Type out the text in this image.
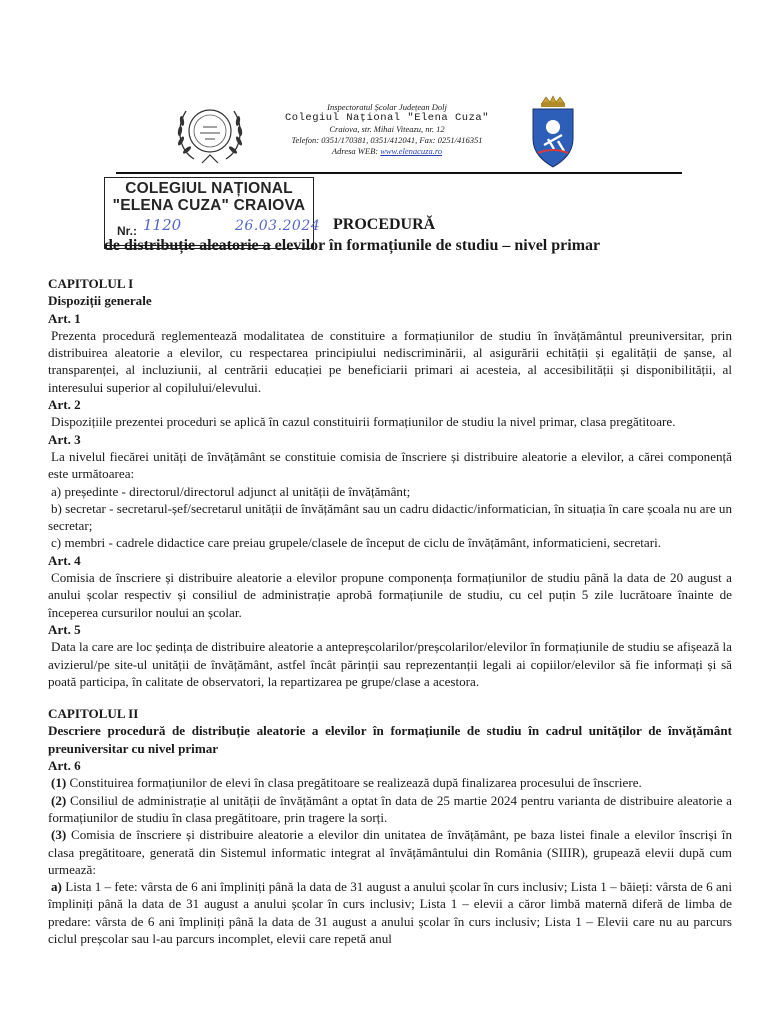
Inspectoratul Școlar Județean Dolj
Colegiul Național "Elena Cuza"
Craiova, str. Mihai Viteazu, nr. 12
Telefon: 0351/170381, 0351/412041, Fax: 0251/416351
Adresa WEB: www.elenacuza.ro
COLEGIUL NAȚIONAL
"ELENA CUZA" CRAIOVA
Nr.: 1120	26.03.2024 PROCEDURĂ
de distribuție aleatorie a elevilor în formațiunile de studiu – nivel primar

CAPITOLUL I

Dispoziții generale

Art. 1

Prezenta procedură reglementează modalitatea de constituire a formațiunilor de studiu în învățământul preuniversitar, prin distribuirea aleatorie a elevilor, cu respectarea principiului nediscriminării, al asigurării echității și egalității de șanse, al transparenței, al incluziunii, al centrării educației pe beneficiarii primari ai acesteia, al accesibilității și disponibilității, al interesului superior al copilului/elevului.

Art. 2

Dispozițiile prezentei proceduri se aplică în cazul constituirii formațiunilor de studiu la nivel primar, clasa pregătitoare.

Art. 3

La nivelul fiecărei unități de învățământ se constituie comisia de înscriere și distribuire aleatorie a elevilor, a cărei componență este următoarea:

a) președinte - directorul/directorul adjunct al unității de învățământ;

b) secretar - secretarul-șef/secretarul unității de învățământ sau un cadru didactic/informatician, în situația în care școala nu are un secretar;

c) membri - cadrele didactice care preiau grupele/clasele de început de ciclu de învățământ, informaticieni, secretari.

Art. 4

Comisia de înscriere și distribuire aleatorie a elevilor propune componența formațiunilor de studiu până la data de 20 august a anului școlar respectiv și consiliul de administrație aprobă formațiunile de studiu, cu cel puțin 5 zile lucrătoare înainte de începerea cursurilor noului an școlar.

Art. 5

Data la care are loc ședința de distribuire aleatorie a antepreșcolarilor/preșcolarilor/elevilor în formațiunile de studiu se afișează la avizierul/pe site-ul unității de învățământ, astfel încât părinții sau reprezentanții legali ai copiilor/elevilor să fie informați și să poată participa, în calitate de observatori, la repartizarea pe grupe/clase a acestora.

CAPITOLUL II

Descriere procedură de distribuție aleatorie a elevilor în formațiunile de studiu în cadrul unităților de învățământ preuniversitar cu nivel primar

Art. 6

(1) Constituirea formațiunilor de elevi în clasa pregătitoare se realizează după finalizarea procesului de înscriere.

(2) Consiliul de administrație al unității de învățământ a optat în data de 25 martie 2024 pentru varianta de distribuire aleatorie a formațiunilor de studiu în clasa pregătitoare, prin tragere la sorți.

(3) Comisia de înscriere și distribuire aleatorie a elevilor din unitatea de învățământ, pe baza listei finale a elevilor înscriși în clasa pregătitoare, generată din Sistemul informatic integrat al învățământului din România (SIIIR), grupează elevii după cum urmează:

a) Lista 1 – fete: vârsta de 6 ani împliniți până la data de 31 august a anului școlar în curs inclusiv; Lista 1 – băieți: vârsta de 6 ani împliniți până la data de 31 august a anului școlar în curs inclusiv; Lista 1 – elevii a căror limbă maternă diferă de limba de predare: vârsta de 6 ani împliniți până la data de 31 august a anului școlar în curs inclusiv; Lista 1 – Elevii care nu au parcurs ciclul preșcolar sau l-au parcurs incomplet, elevii care repetă anul
